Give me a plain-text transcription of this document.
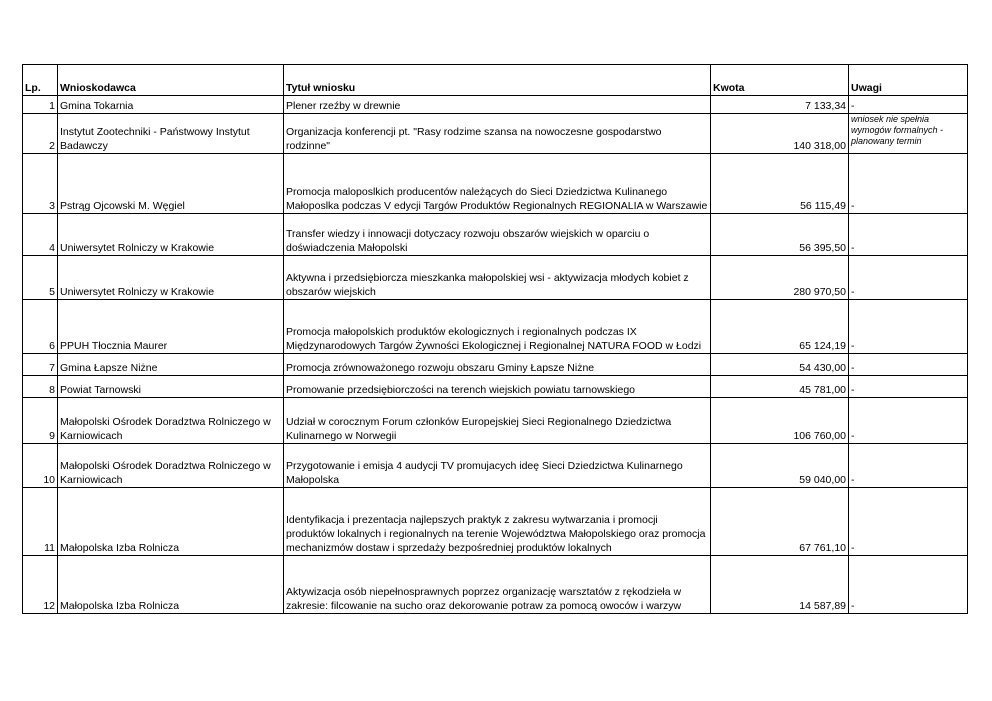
Lp.	Wnioskodawca	Tytuł wniosku	Kwota	Uwagi
1	Gmina Tokarnia	Plener rzeźby w drewnie	7 133,34	-
2	Instytut Zootechniki - Państwowy Instytut Badawczy	Organizacja konferencji pt. "Rasy rodzime szansa na nowoczesne gospodarstwo rodzinne"	140 318,00	wniosek nie spełnia wymogów formalnych - planowany termin
3	Pstrąg Ojcowski M. Węgiel	Promocja maloposlkich producentów należących do Sieci Dziedzictwa Kulinanego Małoposlka podczas V edycji Targów Produktów Regionalnych REGIONALIA w Warszawie	56 115,49	-
4	Uniwersytet Rolniczy w Krakowie	Transfer wiedzy i innowacji dotyczacy rozwoju obszarów wiejskich w oparciu o doświadczenia Małopolski	56 395,50	-
5	Uniwersytet Rolniczy w Krakowie	Aktywna i przedsiębiorcza mieszkanka małopolskiej wsi - aktywizacja młodych kobiet z obszarów wiejskich	280 970,50	-
6	PPUH Tłocznia Maurer	Promocja małopolskich produktów ekologicznych i regionalnych podczas IX Międzynarodowych Targów Żywności Ekologicznej i Regionalnej NATURA FOOD w Łodzi	65 124,19	-
7	Gmina Łapsze Niżne	Promocja zrównoważonego rozwoju obszaru Gminy Łapsze Niżne	54 430,00	-
8	Powiat Tarnowski	Promowanie przedsiębiorczości na terench wiejskich powiatu tarnowskiego	45 781,00	-
9	Małopolski Ośrodek Doradztwa Rolniczego w Karniowicach	Udział w corocznym Forum członków Europejskiej Sieci Regionalnego Dziedzictwa Kulinarnego w Norwegii	106 760,00	-
10	Małopolski Ośrodek Doradztwa Rolniczego w Karniowicach	Przygotowanie i emisja 4 audycji TV promujacych ideę Sieci Dziedzictwa Kulinarnego Małopolska	59 040,00	-
11	Małopolska Izba Rolnicza	Identyfikacja i prezentacja najlepszych praktyk z zakresu wytwarzania i promocji produktów lokalnych i regionalnych na terenie Województwa Małopolskiego oraz promocja mechanizmów dostaw i sprzedaży bezpośredniej produktów lokalnych	67 761,10	-
12	Małopolska Izba Rolnicza	Aktywizacja osób niepełnosprawnych poprzez organizację warsztatów z rękodzieła w zakresie: filcowanie na sucho oraz dekorowanie potraw za pomocą owoców i warzyw	14 587,89	-
